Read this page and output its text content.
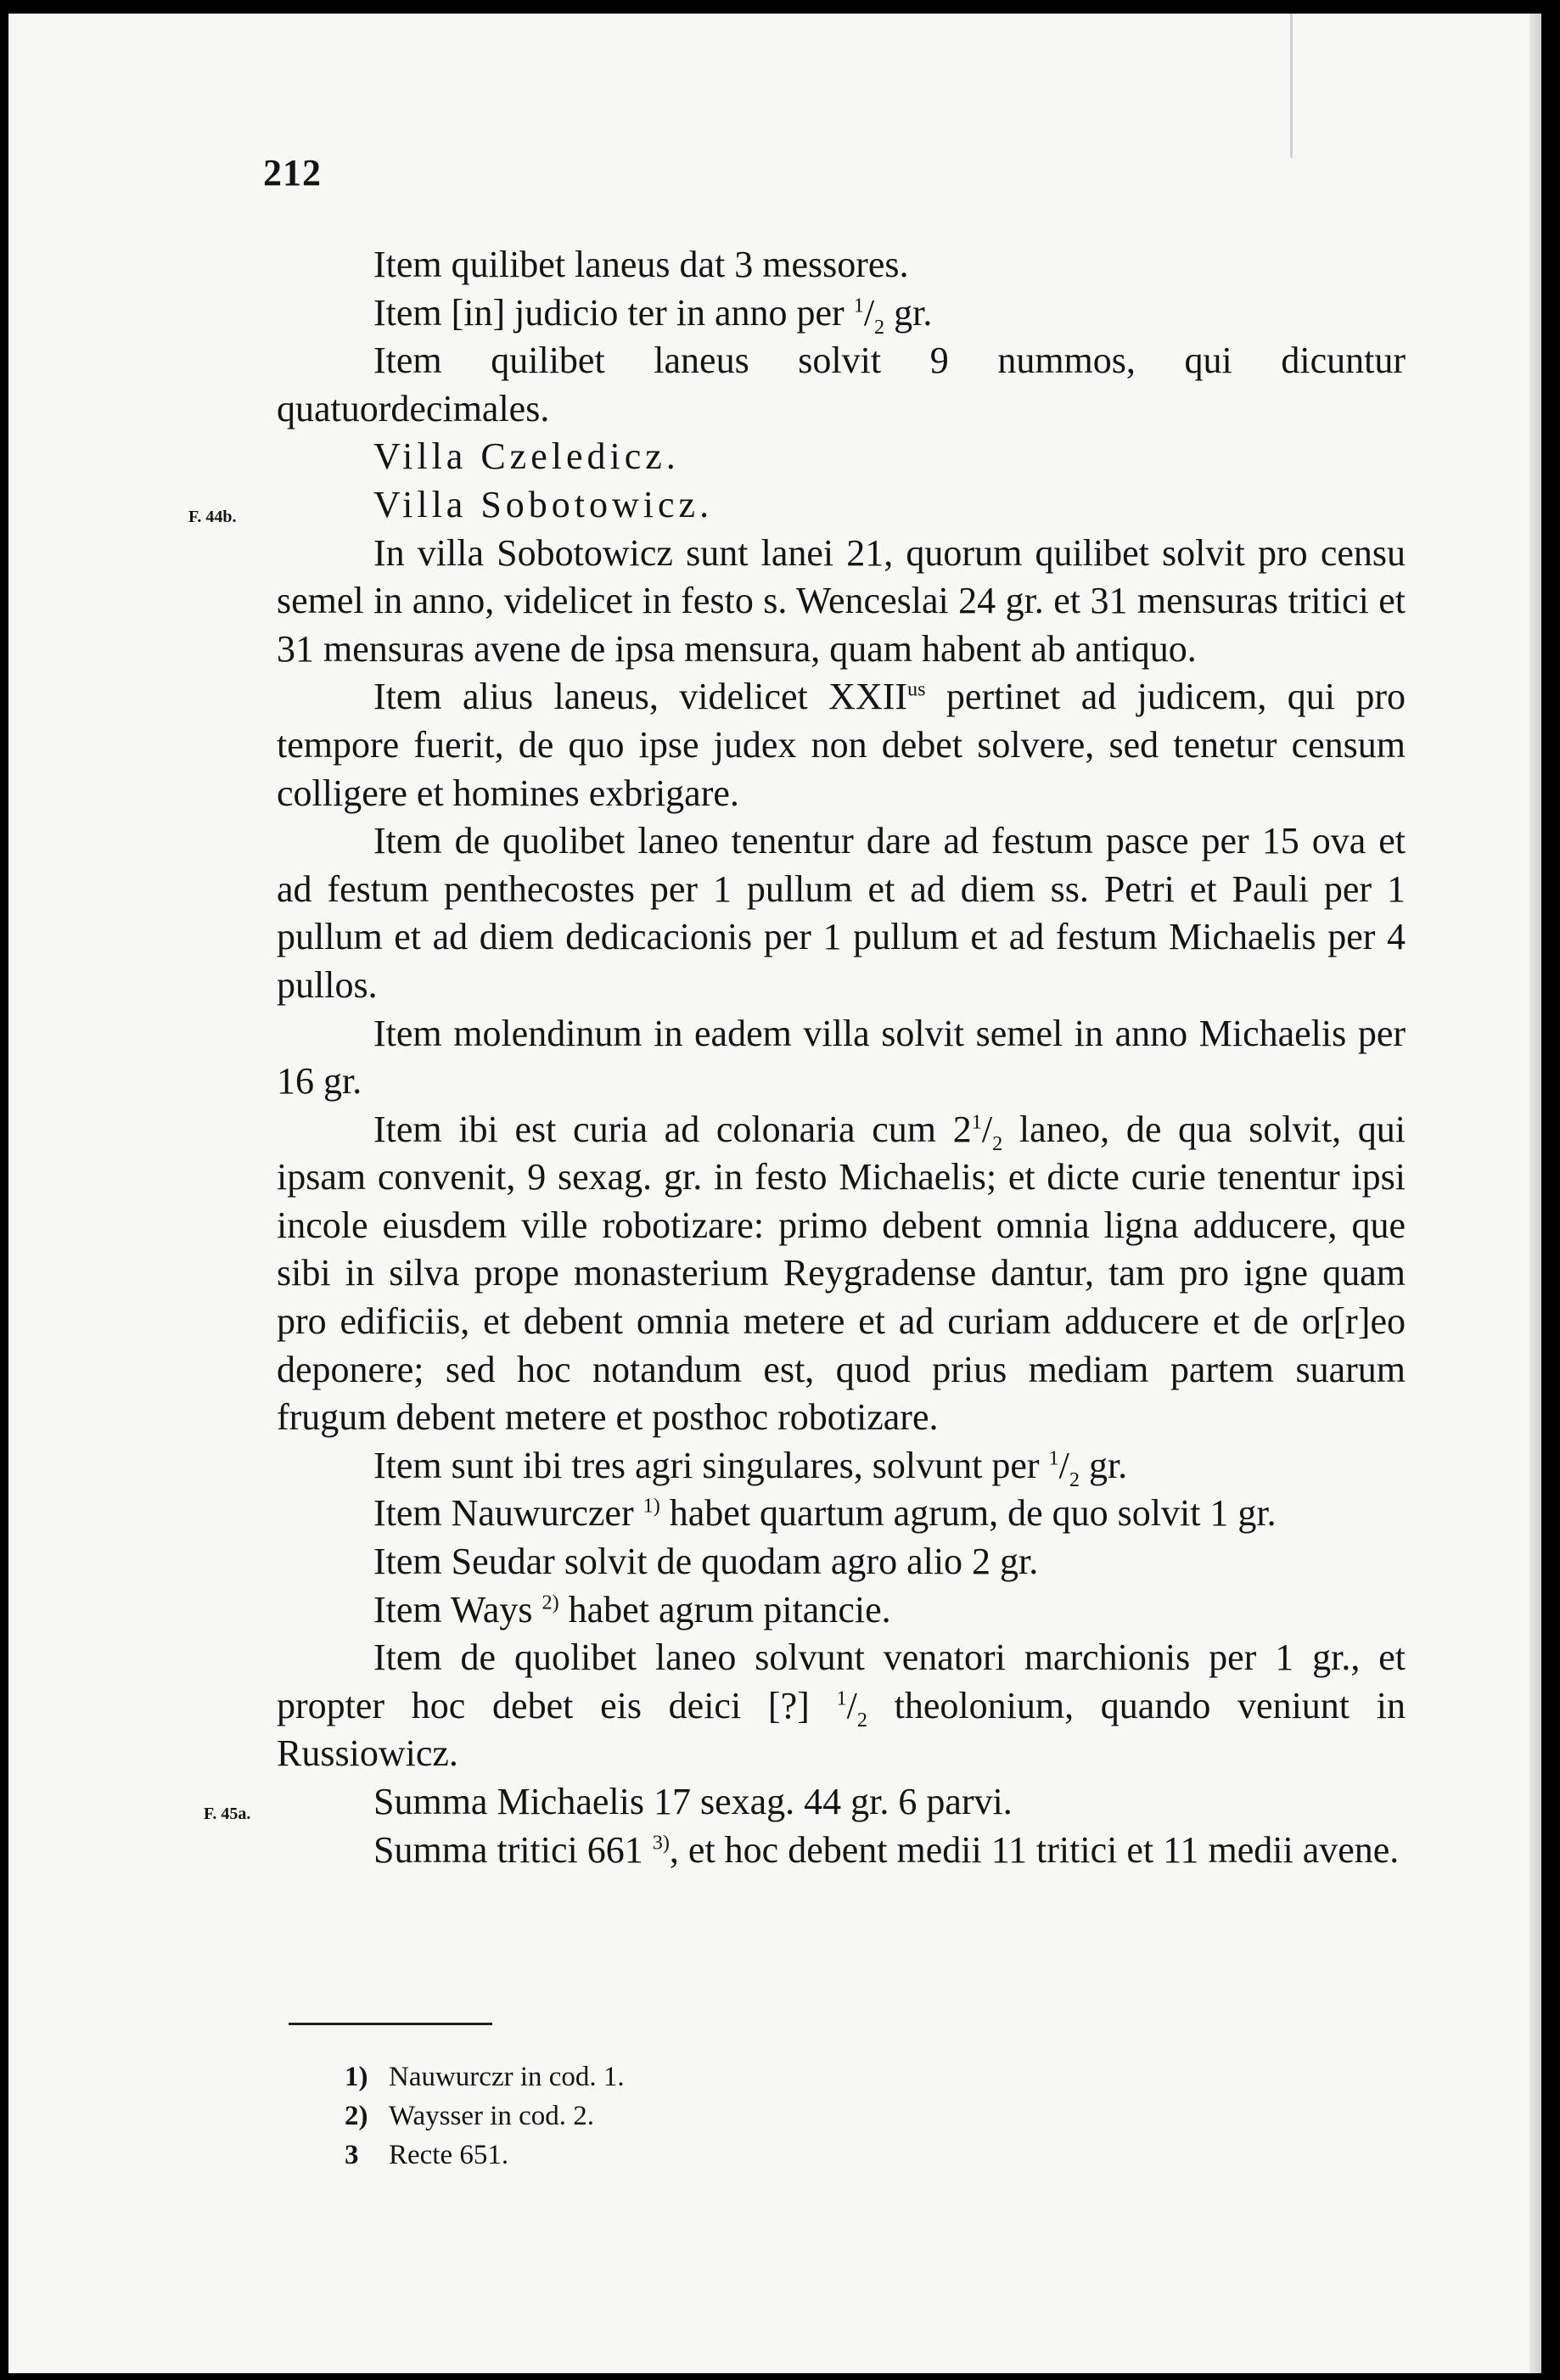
212

Item quilibet laneus dat 3 messores.

Item [in] judicio ter in anno per $^1/_2$ gr.

Item quilibet laneus solvit 9 nummos, qui dicuntur quatuordecimales.

Villa Czeledicz.

F. 44b.	Villa Sobotowicz.

In villa Sobotowicz sunt lanei 21, quorum quilibet solvit pro censu semel in anno, videlicet in festo s. Wenceslai 24 gr. et 31 mensuras tritici et 31 mensuras avene de ipsa mensura, quam habent ab antiquo.

Item alius laneus, videlicet $XXII^{us}$ pertinet ad judicem, qui pro tempore fuerit, de quo ipse judex non debet solvere, sed tenetur censum colligere et homines exbrigare.

Item de quolibet laneo tenentur dare ad festum pasce per 15 ova et ad festum penthecostes per 1 pullum et ad diem ss. Petri et Pauli per 1 pullum et ad diem dedicacionis per 1 pullum et ad festum Michaelis per 4 pullos.

Item molendinum in eadem villa solvit semel in anno Michaelis per 16 gr.

Item ibi est curia ad colonaria cum $2^1/_2$ laneo, de qua solvit, qui ipsam convenit, 9 sexag. gr. in festo Michaelis; et dicte curie tenentur ipsi incole eiusdem ville robotizare: primo debent omnia ligna adducere, que sibi in silva prope monasterium Reygradense dantur, tam pro igne quam pro edificiis, et debent omnia metere et ad curiam adducere et de or[r]eo deponere; sed hoc notandum est, quod prius mediam partem suarum frugum debent metere et posthoc robotizare.

Item sunt ibi tres agri singulares, solvunt per $^1/_2$ gr.

Item Nauwurczer $^{1)}$ habet quartum agrum, de quo solvit 1 gr.

Item Seudar solvit de quodam agro alio 2 gr.

Item Ways $^{2)}$ habet agrum pitancie.

Item de quolibet laneo solvunt venatori marchionis per 1 gr., et propter hoc debet eis deici [?] $^1/_2$ theolonium, quando veniunt in Russiowicz.

F. 45a.	Summa Michaelis 17 sexag. 44 gr. 6 parvi.

Summa tritici 661 $^{3)}$, et hoc debent medii 11 tritici et 11 medii avene.

1) Nauwurczr in cod. 1.
2) Waysser in cod. 2.
3	Recte 651.
